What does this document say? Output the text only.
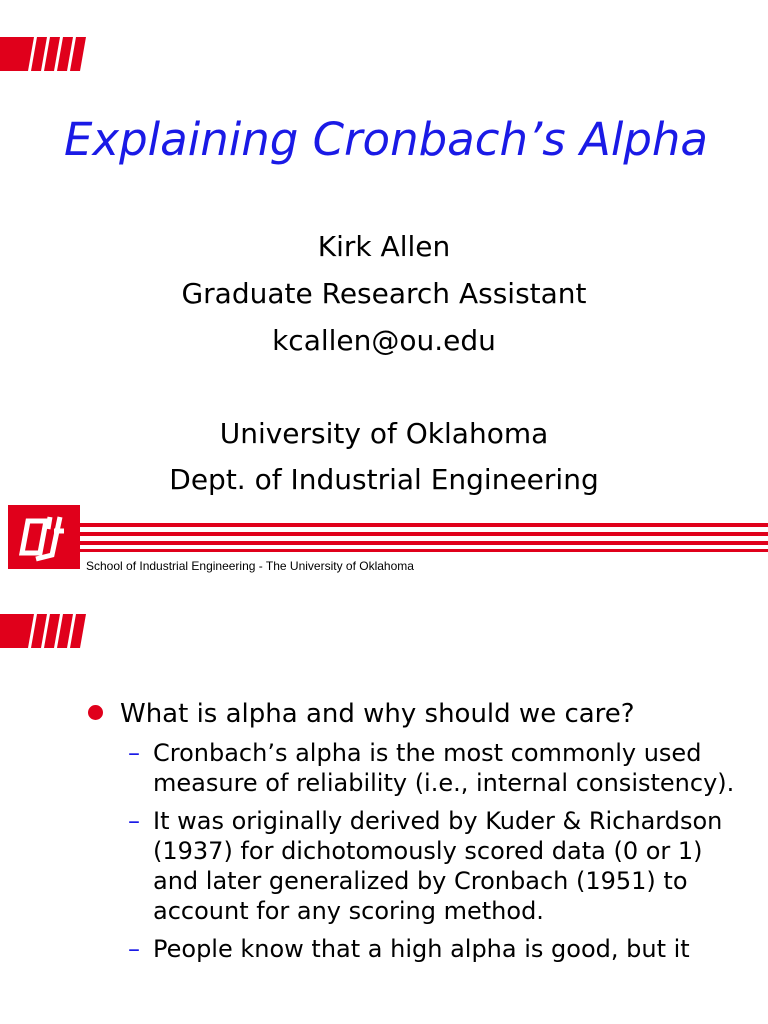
Explaining Cronbach’s Alpha

Kirk Allen

Graduate Research Assistant

kcallen@ou.edu

University of Oklahoma

Dept. of Industrial Engineering

School of Industrial Engineering - The University of Oklahoma
What is alpha and why should we care?
– Cronbach’s alpha is the most commonly used measure of reliability (i.e., internal consistency).
– It was originally derived by Kuder & Richardson (1937) for dichotomously scored data (0 or 1) and later generalized by Cronbach (1951) to account for any scoring method.
– People know that a high alpha is good, but it
